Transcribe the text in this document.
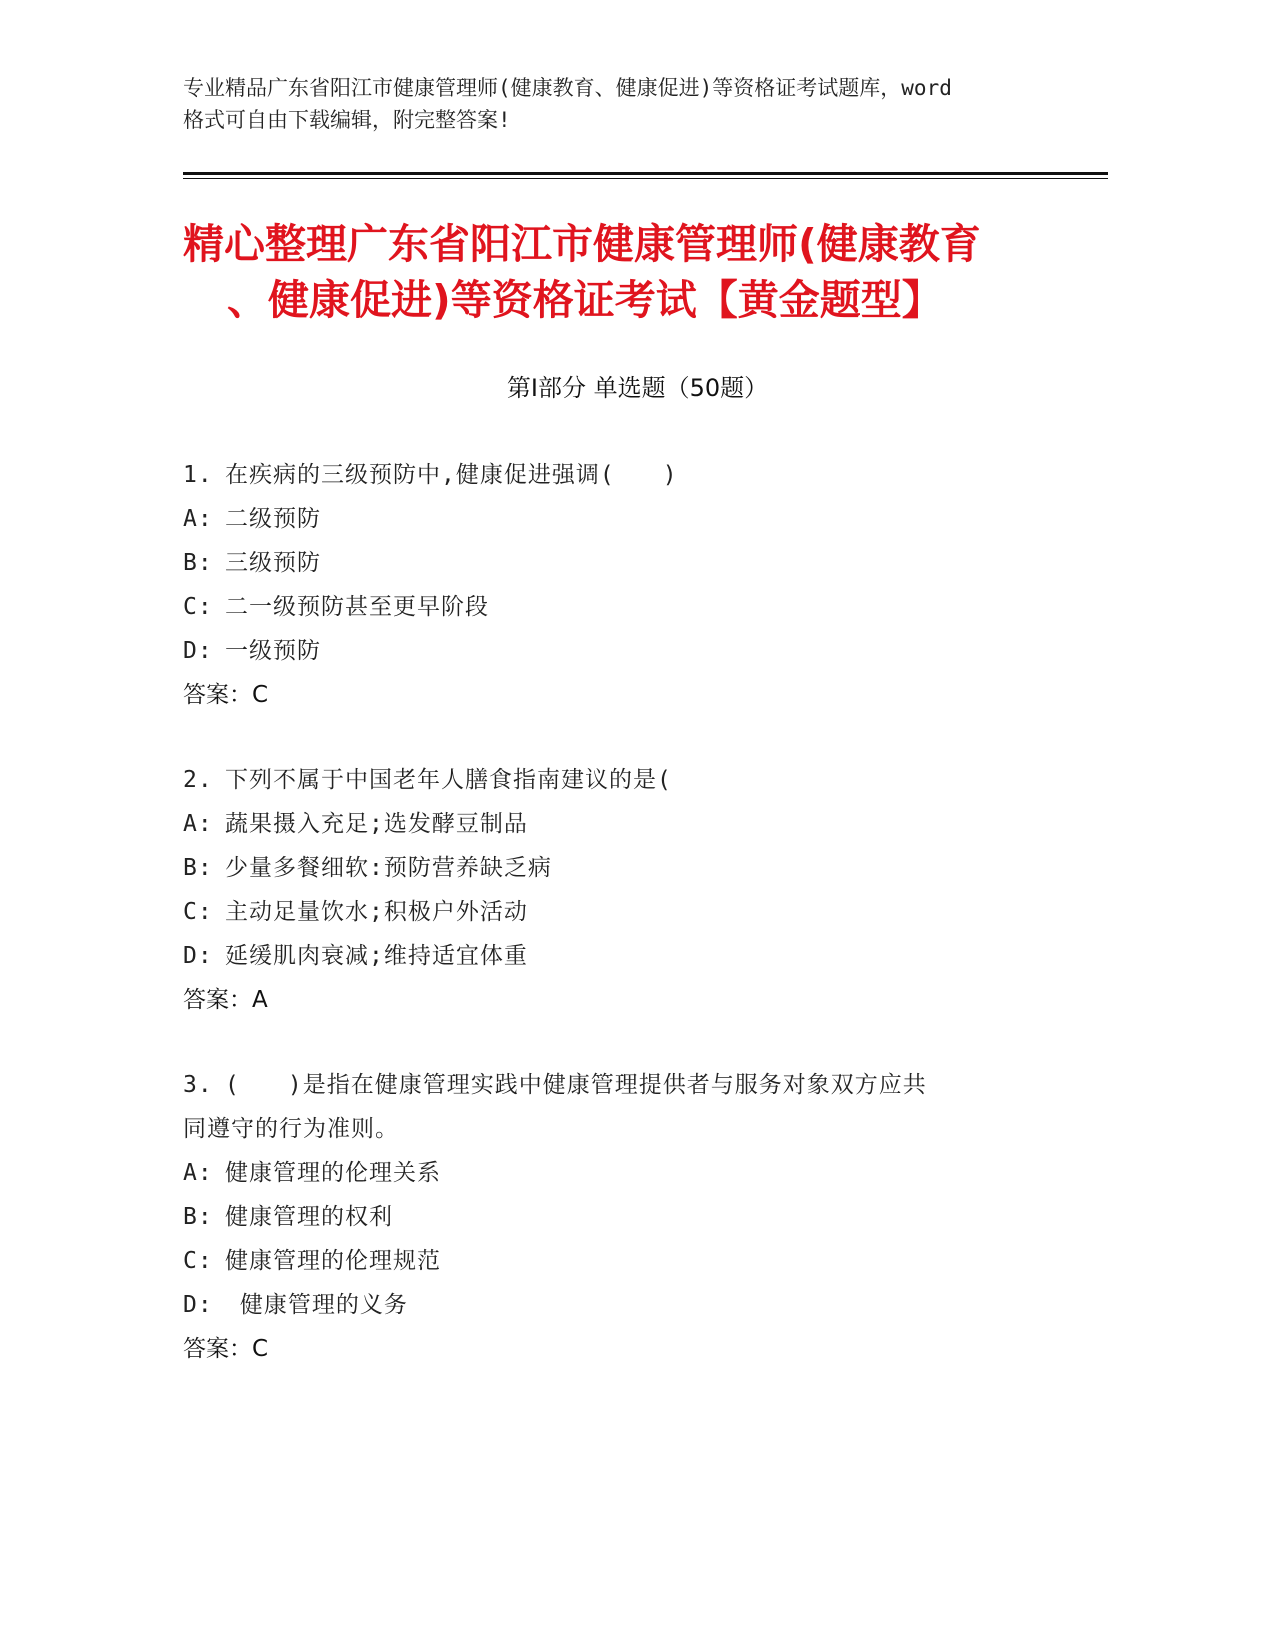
专业精品广东省阳江市健康管理师(健康教育、健康促进)等资格证考试题库，word
格式可自由下载编辑，附完整答案!
精心整理广东省阳江市健康管理师(健康教育
、健康促进)等资格证考试【黄金题型】
第Ⅰ部分 单选题（50题）
1. 在疾病的三级预防中,健康促进强调(　　)
A: 二级预防
B: 三级预防
C: 二一级预防甚至更早阶段
D: 一级预防
答案：C
2. 下列不属于中国老年人膳食指南建议的是(
A: 蔬果摄入充足;选发酵豆制品
B: 少量多餐细软:预防营养缺乏病
C: 主动足量饮水;积极户外活动
D: 延缓肌肉衰减;维持适宜体重
答案：A
3. (　　)是指在健康管理实践中健康管理提供者与服务对象双方应共
同遵守的行为准则。
A: 健康管理的伦理关系
B: 健康管理的权利
C: 健康管理的伦理规范
D: 健康管理的义务
答案：C
